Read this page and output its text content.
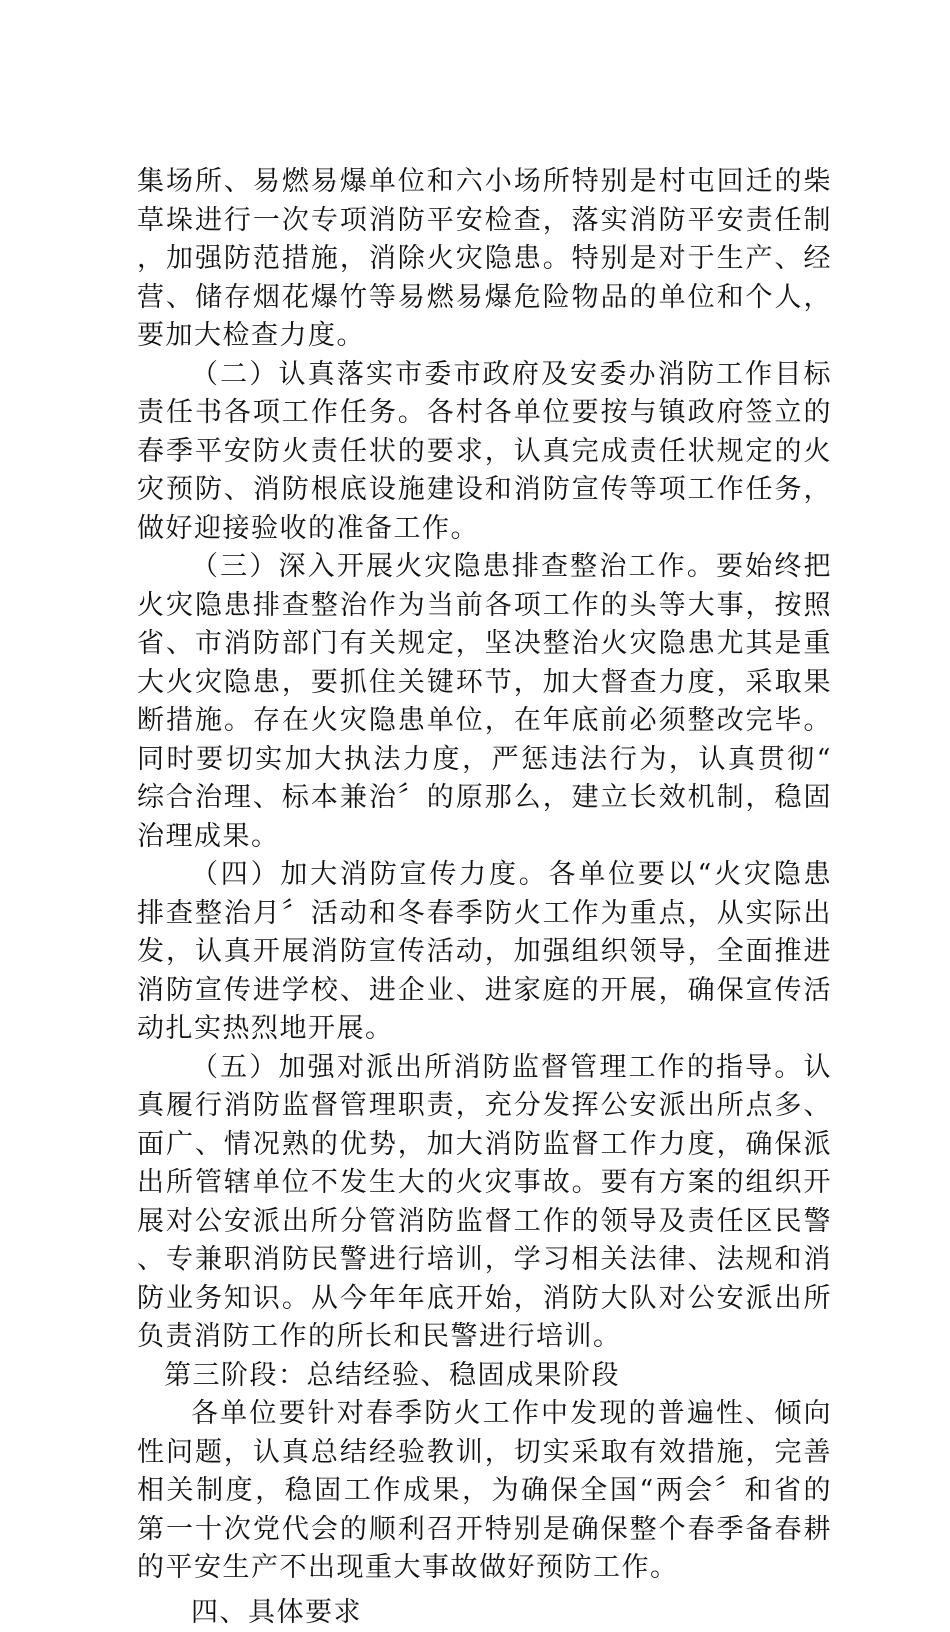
集场所、易燃易爆单位和六小场所特别是村屯回迁的柴草垛进行一次专项消防平安检查，落实消防平安责任制，加强防范措施，消除火灾隐患。特别是对于生产、经营、储存烟花爆竹等易燃易爆危险物品的单位和个人，要加大检查力度。

（二）认真落实市委市政府及安委办消防工作目标责任书各项工作任务。各村各单位要按与镇政府签立的春季平安防火责任状的要求，认真完成责任状规定的火灾预防、消防根底设施建设和消防宣传等项工作任务，做好迎接验收的准备工作。

（三）深入开展火灾隐患排查整治工作。要始终把火灾隐患排查整治作为当前各项工作的头等大事，按照省、市消防部门有关规定，坚决整治火灾隐患尤其是重大火灾隐患，要抓住关键环节，加大督查力度，采取果断措施。存在火灾隐患单位，在年底前必须整改完毕。同时要切实加大执法力度，严惩违法行为，认真贯彻“综合治理、标本兼治〞的原那么，建立长效机制，稳固治理成果。

（四）加大消防宣传力度。各单位要以“火灾隐患排查整治月〞活动和冬春季防火工作为重点，从实际出发，认真开展消防宣传活动，加强组织领导，全面推进消防宣传进学校、进企业、进家庭的开展，确保宣传活动扎实热烈地开展。

（五）加强对派出所消防监督管理工作的指导。认真履行消防监督管理职责，充分发挥公安派出所点多、面广、情况熟的优势，加大消防监督工作力度，确保派出所管辖单位不发生大的火灾事故。要有方案的组织开展对公安派出所分管消防监督工作的领导及责任区民警、专兼职消防民警进行培训，学习相关法律、法规和消防业务知识。从今年年底开始，消防大队对公安派出所负责消防工作的所长和民警进行培训。

第三阶段：总结经验、稳固成果阶段

各单位要针对春季防火工作中发现的普遍性、倾向性问题，认真总结经验教训，切实采取有效措施，完善相关制度，稳固工作成果，为确保全国“两会〞和省的第一十次党代会的顺利召开特别是确保整个春季备春耕的平安生产不出现重大事故做好预防工作。

四、具体要求
